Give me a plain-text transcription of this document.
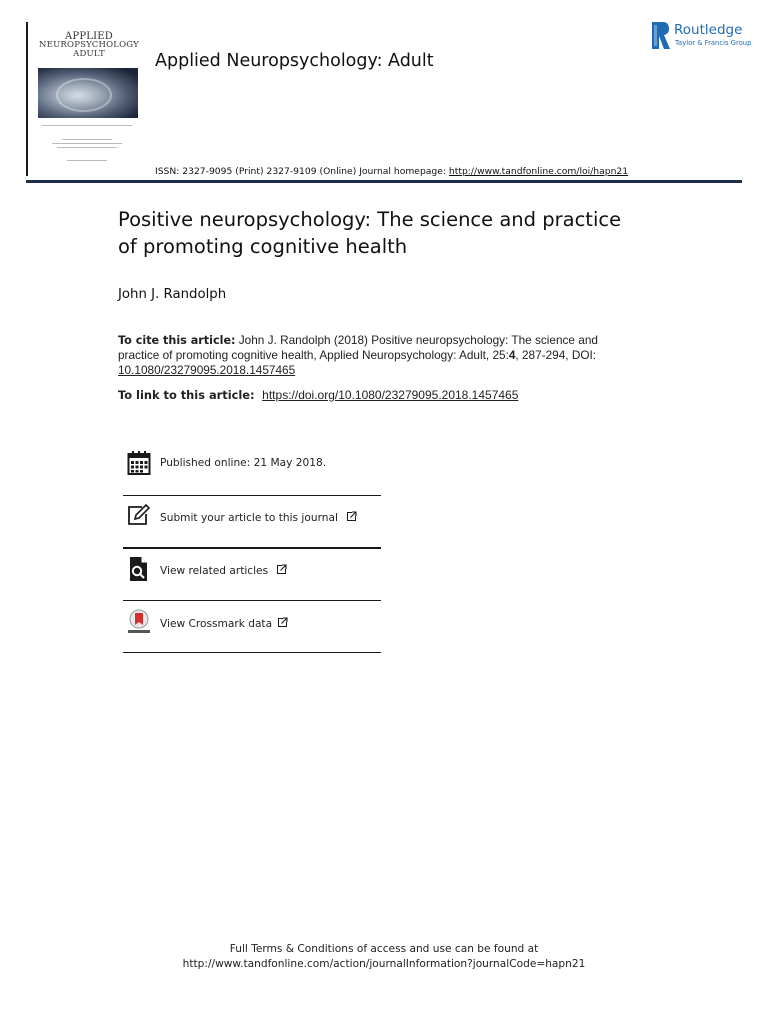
APPLIED
NEUROPSYCHOLOGY
ADULT	Applied Neuropsychology: Adult
ISSN: 2327-9095 (Print) 2327-9109 (Online) Journal homepage: http://www.tandfonline.com/loi/hapn21
Routledge
Taylor & Francis Group
Positive neuropsychology: The science and practice of promoting cognitive health
John J. Randolph
To cite this article: John J. Randolph (2018) Positive neuropsychology: The science and practice of promoting cognitive health, Applied Neuropsychology: Adult, 25:4, 287-294, DOI: 10.1080/23279095.2018.1457465
To link to this article: https://doi.org/10.1080/23279095.2018.1457465
Published online: 21 May 2018.
Submit your article to this journal
View related articles
View Crossmark data
Full Terms & Conditions of access and use can be found at
http://www.tandfonline.com/action/journalInformation?journalCode=hapn21
